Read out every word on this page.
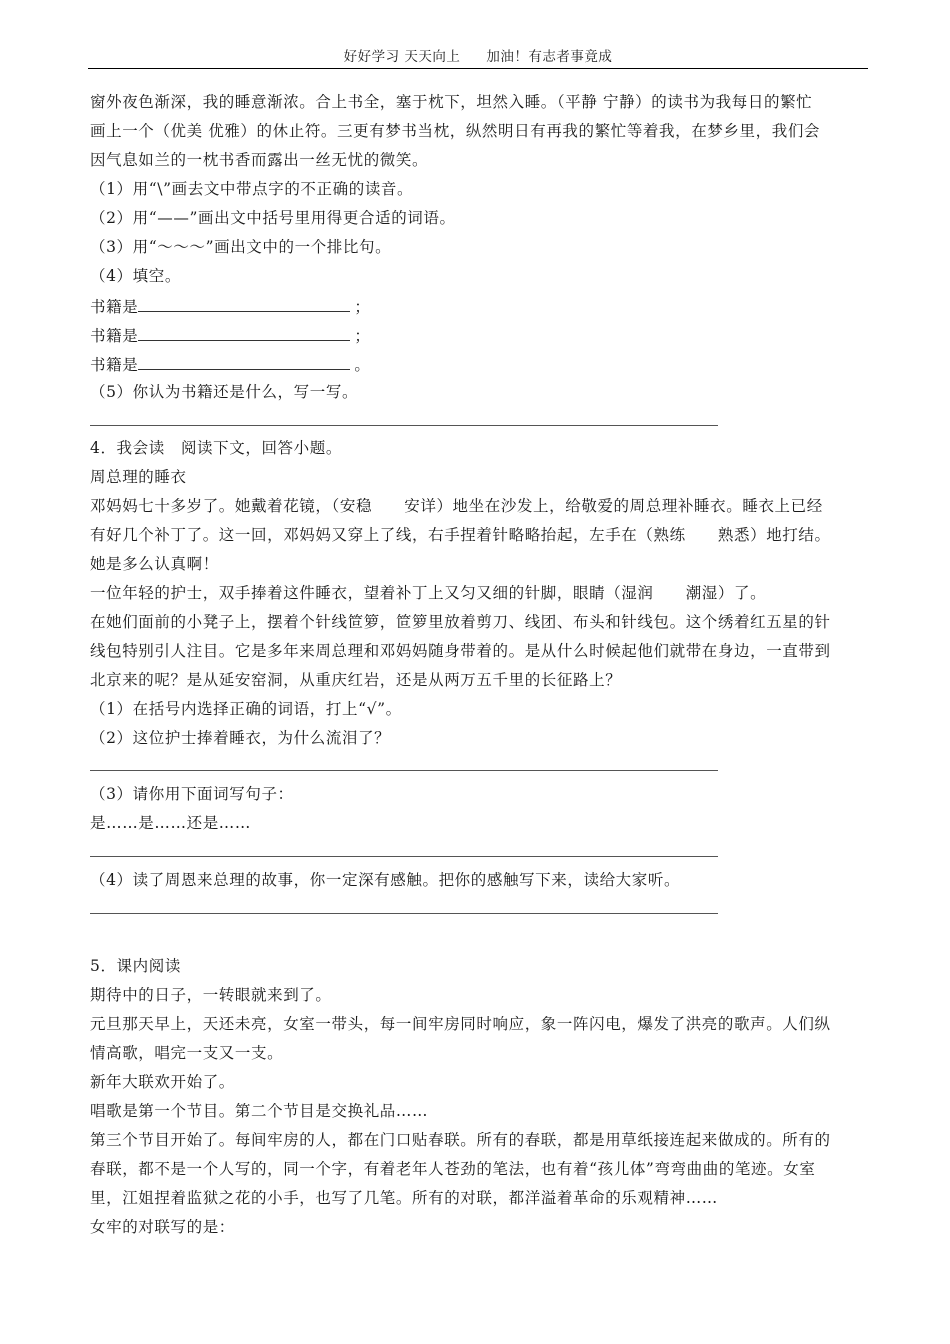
好好学习 天天向上 加油！有志者事竟成
窗外夜色渐深，我的睡意渐浓。合上书全，塞于枕下，坦然入睡。（平静 宁静）的读书为我每日的繁忙
画上一个（优美 优雅）的休止符。三更有梦书当枕，纵然明日有再我的繁忙等着我，在梦乡里，我们会
因气息如兰的一枕书香而露出一丝无忧的微笑。
（1）用“\”画去文中带点字的不正确的读音。
（2）用“——”画出文中括号里用得更合适的词语。
（3）用“～～～”画出文中的一个排比句。
（4）填空。
书籍是	；
书籍是	；
书籍是	。
（5）你认为书籍还是什么，写一写。
4．我会读　阅读下文，回答小题。
周总理的睡衣
邓妈妈七十多岁了。她戴着花镜，（安稳　　安详）地坐在沙发上，给敬爱的周总理补睡衣。睡衣上已经
有好几个补丁了。这一回，邓妈妈又穿上了线，右手捏着针略略抬起，左手在（熟练　　熟悉）地打结。
她是多么认真啊！
一位年轻的护士，双手捧着这件睡衣，望着补丁上又匀又细的针脚，眼睛（湿润　　潮湿）了。
在她们面前的小凳子上，摆着个针线笸箩，笸箩里放着剪刀、线团、布头和针线包。这个绣着红五星的针
线包特别引人注目。它是多年来周总理和邓妈妈随身带着的。是从什么时候起他们就带在身边，一直带到
北京来的呢？是从延安窑洞，从重庆红岩，还是从两万五千里的长征路上？
（1）在括号内选择正确的词语，打上“√”。
（2）这位护士捧着睡衣，为什么流泪了？
（3）请你用下面词写句子：
是……是……还是……
（4）读了周恩来总理的故事，你一定深有感触。把你的感触写下来，读给大家听。
5．课内阅读
期待中的日子，一转眼就来到了。
元旦那天早上，天还未亮，女室一带头，每一间牢房同时响应，象一阵闪电，爆发了洪亮的歌声。人们纵
情高歌，唱完一支又一支。
新年大联欢开始了。
唱歌是第一个节目。第二个节目是交换礼品……
第三个节目开始了。每间牢房的人，都在门口贴春联。所有的春联，都是用草纸接连起来做成的。所有的
春联，都不是一个人写的，同一个字，有着老年人苍劲的笔法，也有着“孩儿体”弯弯曲曲的笔迹。女室
里，江姐捏着监狱之花的小手，也写了几笔。所有的对联，都洋溢着革命的乐观精神……
女牢的对联写的是：
